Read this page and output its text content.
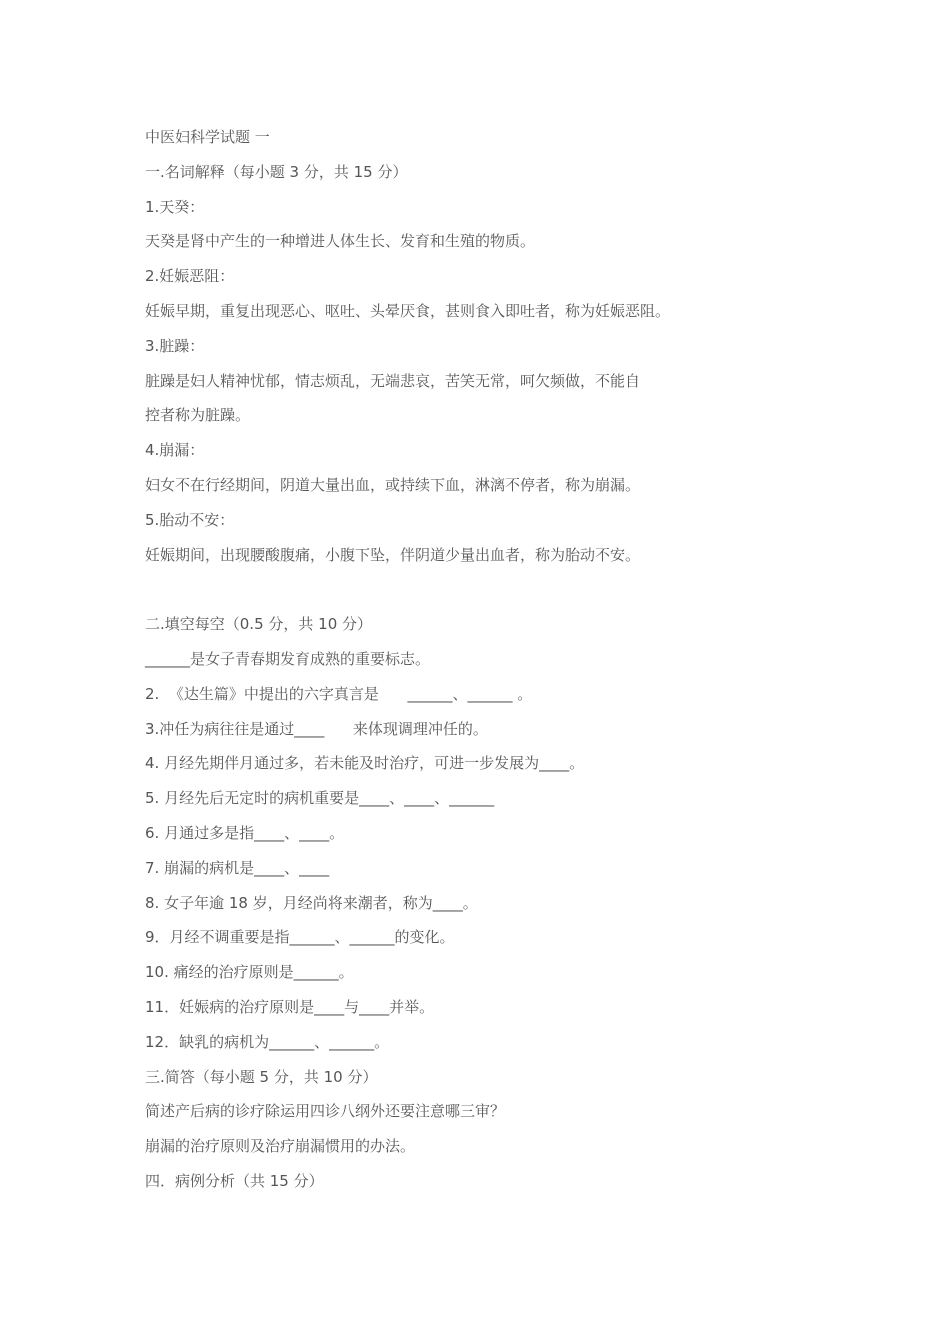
中医妇科学试题 一
一.名词解释（每小题 3 分，共 15 分）
1.天癸：
天癸是肾中产生的一种增进人体生长、发育和生殖的物质。
2.妊娠恶阻：
妊娠早期，重复出现恶心、呕吐、头晕厌食，甚则食入即吐者，称为妊娠恶阻。
3.脏躁：
脏躁是妇人精神忧郁，情志烦乱，无端悲哀，苦笑无常，呵欠频做，不能自
控者称为脏躁。
4.崩漏：
妇女不在行经期间，阴道大量出血，或持续下血，淋漓不停者，称为崩漏。
5.胎动不安：
妊娠期间，出现腰酸腹痛，小腹下坠，伴阴道少量出血者，称为胎动不安。
二.填空每空（0.5 分，共 10 分）
______是女子青春期发育成熟的重要标志。
2.  《达生篇》中提出的六字真言是      ______、______ 。
3.冲任为病往往是通过____      来体现调理冲任的。
4. 月经先期伴月通过多，若未能及时治疗，可进一步发展为____。
5. 月经先后无定时的病机重要是____、____、______
6. 月通过多是指____、____。
7. 崩漏的病机是____、____
8. 女子年逾 18 岁，月经尚将来潮者，称为____。
9．月经不调重要是指______、______的变化。
10. 痛经的治疗原则是______。
11．妊娠病的治疗原则是____与____并举。
12．缺乳的病机为______、______。
三.简答（每小题 5 分，共 10 分）
简述产后病的诊疗除运用四诊八纲外还要注意哪三审？
崩漏的治疗原则及治疗崩漏惯用的办法。
四．病例分析（共 15 分）
